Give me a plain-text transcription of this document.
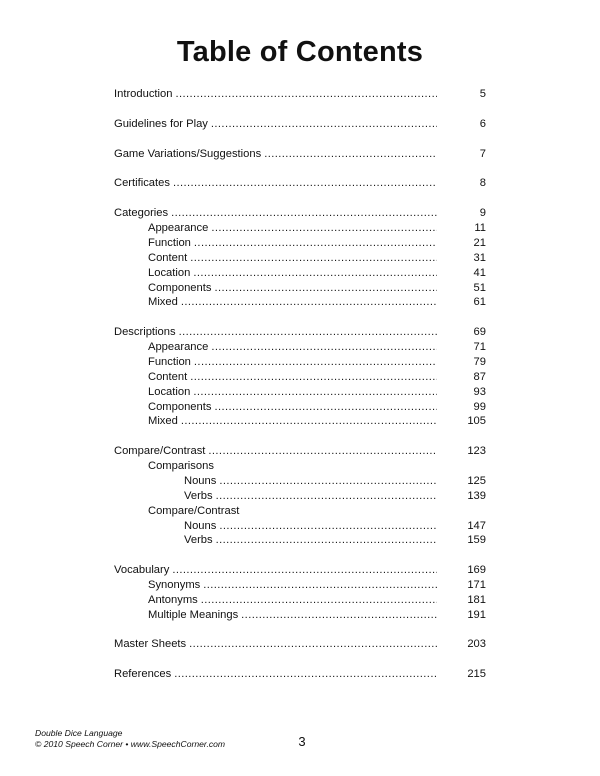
Table of Contents
Introduction .....	5
Guidelines for Play .....	6
Game Variations/Suggestions .....	7
Certificates .....	8
Categories .....	9
Appearance .....	11
Function .....	21
Content .....	31
Location .....	41
Components .....	51
Mixed .....	61
Descriptions .....	69
Appearance .....	71
Function .....	79
Content .....	87
Location .....	93
Components .....	99
Mixed .....	105
Compare/Contrast .....	123
Comparisons
Nouns .....	125
Verbs .....	139
Compare/Contrast
Nouns .....	147
Verbs .....	159
Vocabulary .....	169
Synonyms .....	171
Antonyms .....	181
Multiple Meanings .....	191
Master Sheets .....	203
References .....	215
Double Dice Language
© 2010 Speech Corner • www.SpeechCorner.com	3
